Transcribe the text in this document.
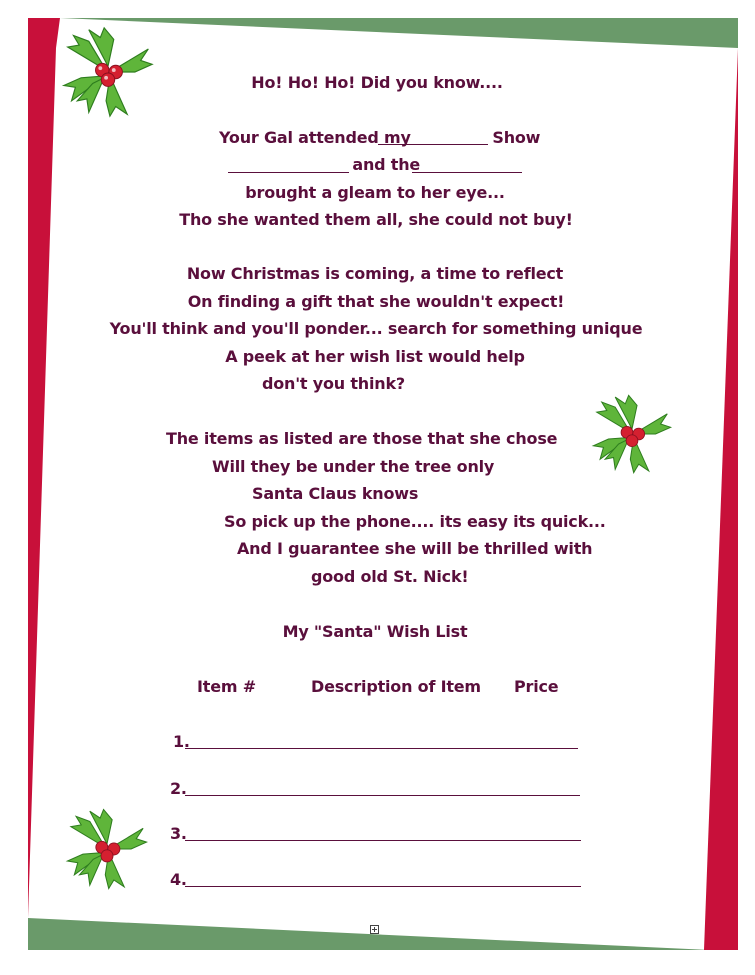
Ho! Ho! Ho! Did you know....
Your Gal attended my	Show
and the
brought a gleam to her eye...
Tho she wanted them all, she could not buy!
Now Christmas is coming, a time to reflect
On finding a gift that she wouldn't expect!
You'll think and you'll ponder... search for something unique
A peek at her wish list would help
don't you think?
The items as listed are those that she chose
Will they be under the tree only
Santa Claus knows
So pick up the phone.... its easy its quick...
And I guarantee she will be thrilled with
good old St. Nick!
My "Santa" Wish List
Item #	Description of Item Price
1.
2.
3.
4.
